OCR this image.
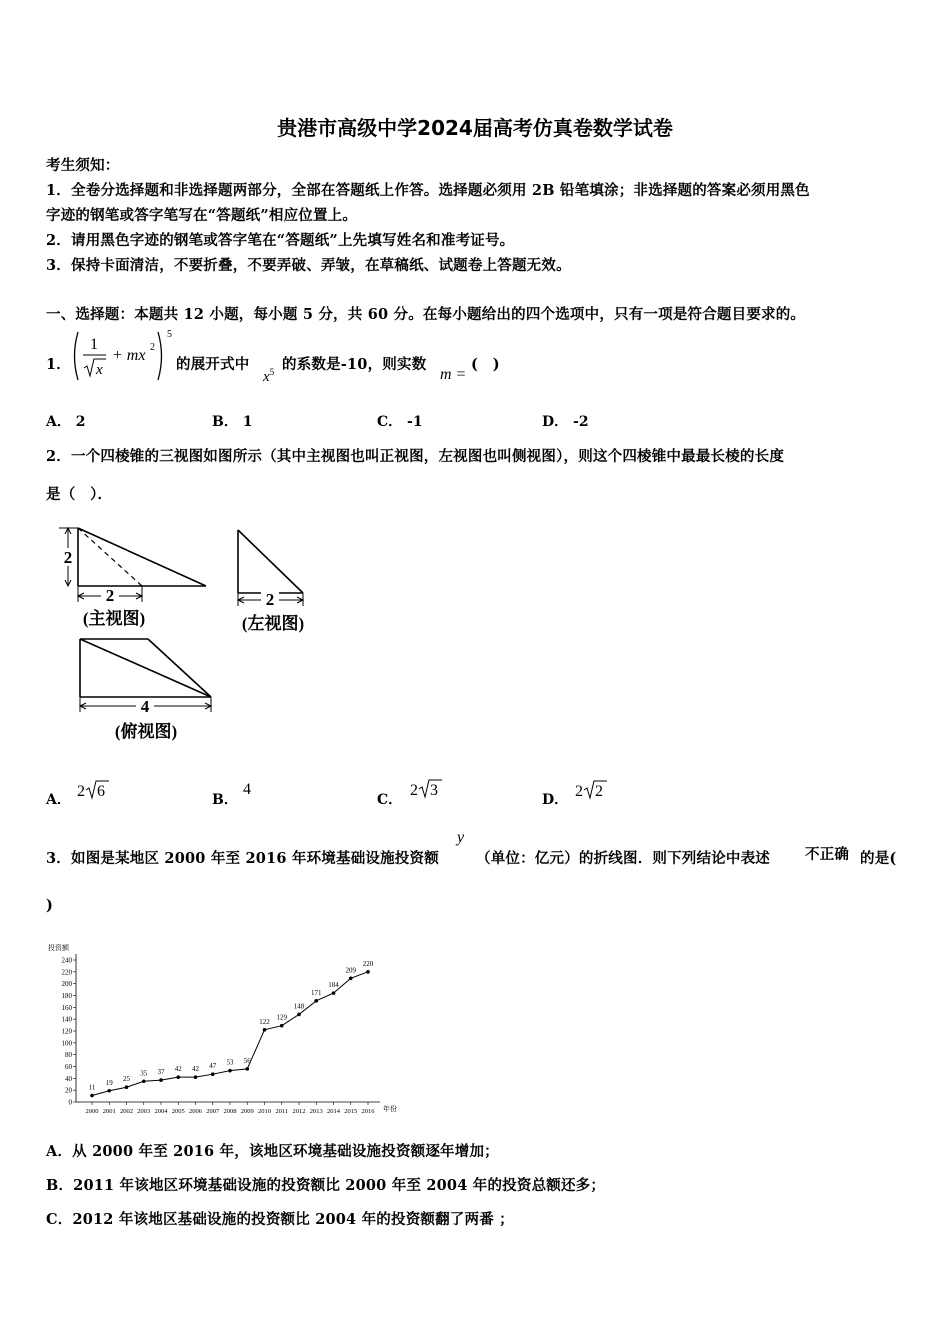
贵港市高级中学2024届高考仿真卷数学试卷
考生须知：
1．全卷分选择题和非选择题两部分，全部在答题纸上作答。选择题必须用 2B 铅笔填涂；非选择题的答案必须用黑色
字迹的钢笔或答字笔写在“答题纸”相应位置上。
2．请用黑色字迹的钢笔或答字笔在“答题纸”上先填写姓名和准考证号。
3．保持卡面清洁，不要折叠，不要弄破、弄皱，在草稿纸、试题卷上答题无效。
一、选择题：本题共 12 小题，每小题 5 分，共 60 分。在每小题给出的四个选项中，只有一项是符合题目要求的。
1．
1
x
+ mx 2
5
的展开式中
$x^5$ 的系数是-10，则实数
m =
(　)
A． 2	B． 1	C． -1	D． -2
2．一个四棱锥的三视图如图所示（其中主视图也叫正视图，左视图也叫侧视图），则这个四棱锥中最最长棱的长度
是（　）．
2
2
(主视图)
2
(左视图)
4
(俯视图)
A． 2 6	B．
4
C．
2 3
D． 2 2
3．如图是某地区 2000 年至 2016 年环境基础设施投资额
y
（单位：亿元）的折线图．则下列结论中表述 不正确 的是(
)
投资额
年份
0
20
40
60
80
100
120
140
160
180
200
220
240
2000 2001 2002 2003 2004 2005 2006 2007 2008 2009 2010 2011 2012 2013 2014 2015 2016
11
19 25
35 37 42 42 47 53 56
122
129
148
171
184
209
220
A．从 2000 年至 2016 年，该地区环境基础设施投资额逐年增加；
B．2011 年该地区环境基础设施的投资额比 2000 年至 2004 年的投资总额还多；
C．2012 年该地区基础设施的投资额比 2004 年的投资额翻了两番 ；
